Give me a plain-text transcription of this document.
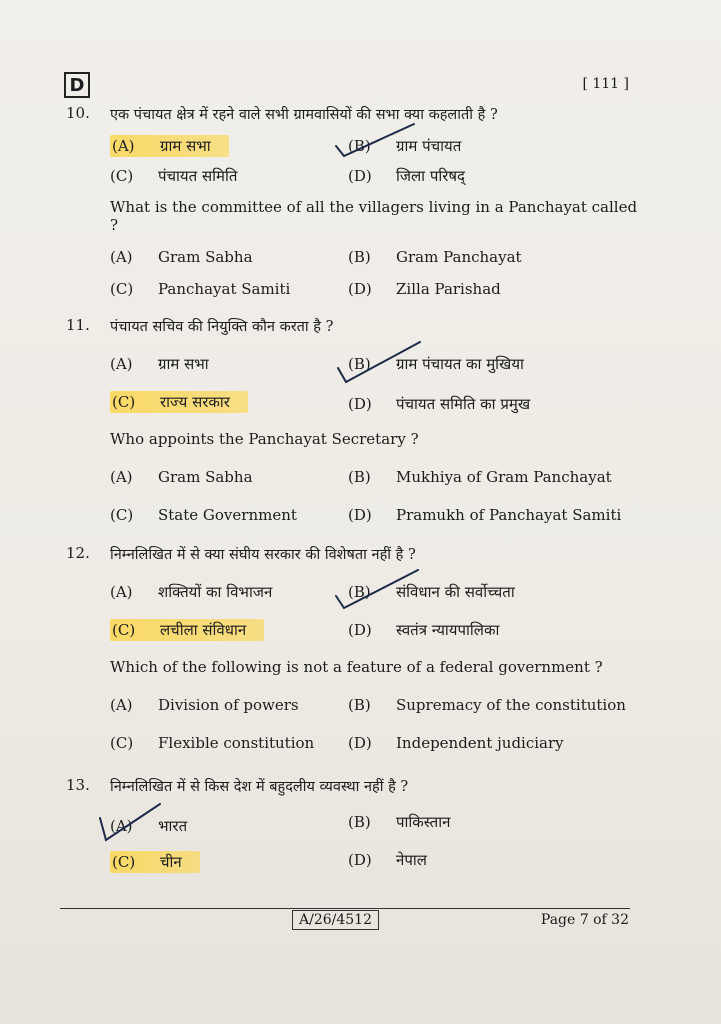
D	[ 111 ]
10. एक पंचायत क्षेत्र में रहने वाले सभी ग्रामवासियों की सभा क्या कहलाती है ?
(A) ग्राम सभा	(B) ग्राम पंचायत
(C) पंचायत समिति	(D) जिला परिषद्
What is the committee of all the villagers living in a Panchayat called ?
(A) Gram Sabha	(B) Gram Panchayat
(C) Panchayat Samiti	(D) Zilla Parishad
11. पंचायत सचिव की नियुक्ति कौन करता है ?
(A) ग्राम सभा	(B) ग्राम पंचायत का मुखिया
(C) राज्य सरकार	(D) पंचायत समिति का प्रमुख
Who appoints the Panchayat Secretary ?
(A) Gram Sabha	(B) Mukhiya of Gram Panchayat
(C) State Government	(D) Pramukh of Panchayat Samiti
12. निम्नलिखित में से क्या संघीय सरकार की विशेषता नहीं है ?
(A) शक्तियों का विभाजन	(B) संविधान की सर्वोच्चता
(C) लचीला संविधान	(D) स्वतंत्र न्यायपालिका
Which of the following is not a feature of a federal government ?
(A) Division of powers	(B) Supremacy of the constitution
(C) Flexible constitution (D) Independent judiciary
13. निम्नलिखित में से किस देश में बहुदलीय व्यवस्था नहीं है ?
(A) भारत	(B) पाकिस्तान
(C) चीन	(D) नेपाल
A/26/4512	Page 7 of 32
